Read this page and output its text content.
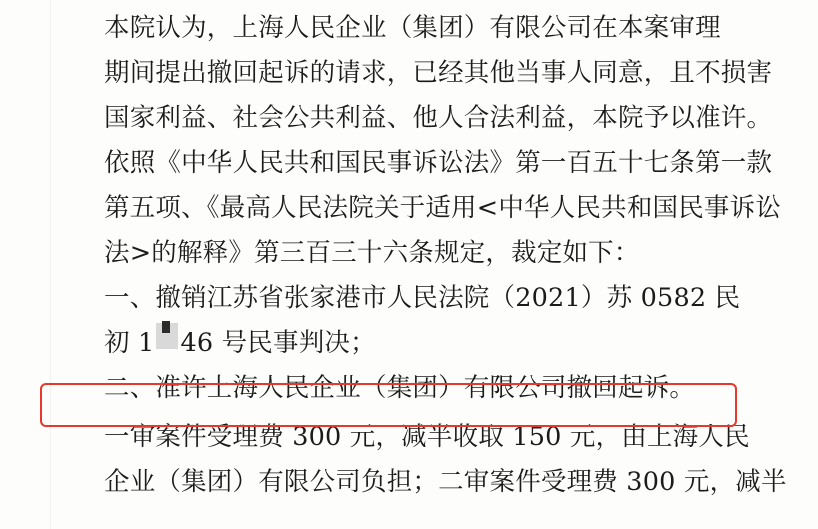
本院认为，上海人民企业（集团）有限公司在本案审理
期间提出撤回起诉的请求，已经其他当事人同意，且不损害
国家利益、社会公共利益、他人合法利益，本院予以准许。
依照《中华人民共和国民事诉讼法》第一百五十七条第一款
第五项、《最高人民法院关于适用<中华人民共和国民事诉讼
法>的解释》第三百三十六条规定，裁定如下：

一、撤销江苏省张家港市人民法院（2021）苏 0582 民
初 1 46 号民事判决；

二、准许上海人民企业（集团）有限公司撤回起诉。

一审案件受理费 300 元，减半收取 150 元，由上海人民
企业（集团）有限公司负担；二审案件受理费 300 元，减半
